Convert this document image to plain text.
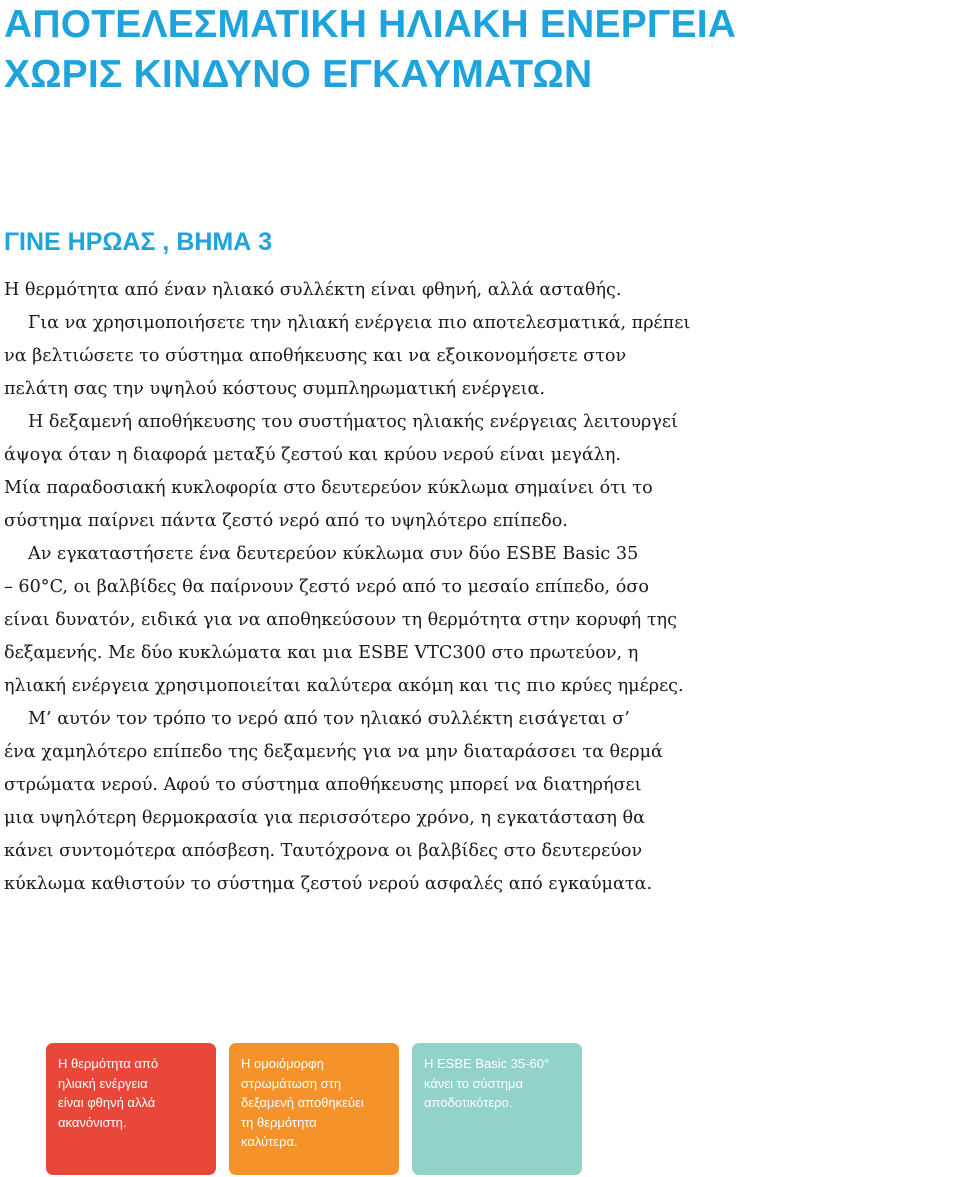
ΑΠΟΤΕΛΕΣΜΑΤΙΚΗ ΗΛΙΑΚΗ ΕΝΕΡΓΕΙΑ
ΧΩΡΙΣ ΚΙΝΔΥΝΟ ΕΓΚΑΥΜΑΤΩΝ
ΓΙΝΕ ΗΡΩΑΣ , ΒΗΜΑ 3
Η θερμότητα από έναν ηλιακό συλλέκτη είναι φθηνή, αλλά ασταθής.
Για να χρησιμοποιήσετε την ηλιακή ενέργεια πιο αποτελεσματικά, πρέπει
να βελτιώσετε το σύστημα αποθήκευσης και να εξοικονομήσετε στον
πελάτη σας την υψηλού κόστους συμπληρωματική ενέργεια.
Η δεξαμενή αποθήκευσης του συστήματος ηλιακής ενέργειας λειτουργεί
άψογα όταν η διαφορά μεταξύ ζεστού και κρύου νερού είναι μεγάλη.
Μία παραδοσιακή κυκλοφορία στο δευτερεύον κύκλωμα σημαίνει ότι το
σύστημα παίρνει πάντα ζεστό νερό από το υψηλότερο επίπεδο.
Αν εγκαταστήσετε ένα δευτερεύον κύκλωμα συν δύο ESBE Basic 35
– 60°C, οι βαλβίδες θα παίρνουν ζεστό νερό από το μεσαίο επίπεδο, όσο
είναι δυνατόν, ειδικά για να αποθηκεύσουν τη θερμότητα στην κορυφή της
δεξαμενής. Με δύο κυκλώματα και μια ESBE VTC300 στο πρωτεύον, η
ηλιακή ενέργεια χρησιμοποιείται καλύτερα ακόμη και τις πιο κρύες ημέρες.
Μ’ αυτόν τον τρόπο το νερό από τον ηλιακό συλλέκτη εισάγεται σ’
ένα χαμηλότερο επίπεδο της δεξαμενής για να μην διαταράσσει τα θερμά
στρώματα νερού. Αφού το σύστημα αποθήκευσης μπορεί να διατηρήσει
μια υψηλότερη θερμοκρασία για περισσότερο χρόνο, η εγκατάσταση θα
κάνει συντομότερα απόσβεση. Ταυτόχρονα οι βαλβίδες στο δευτερεύον
κύκλωμα καθιστούν το σύστημα ζεστού νερού ασφαλές από εγκαύματα.
Η θερμότητα από
ηλιακή ενέργεια
είναι φθηνή αλλά
ακανόνιστη.
Η ομοιόμορφη
στρωμάτωση στη
δεξαμενή αποθηκεύει
τη θερμότητα
καλύτερα.
Η ESBE Basic 35-60°
κάνει το σύστημα
αποδοτικότερο.
